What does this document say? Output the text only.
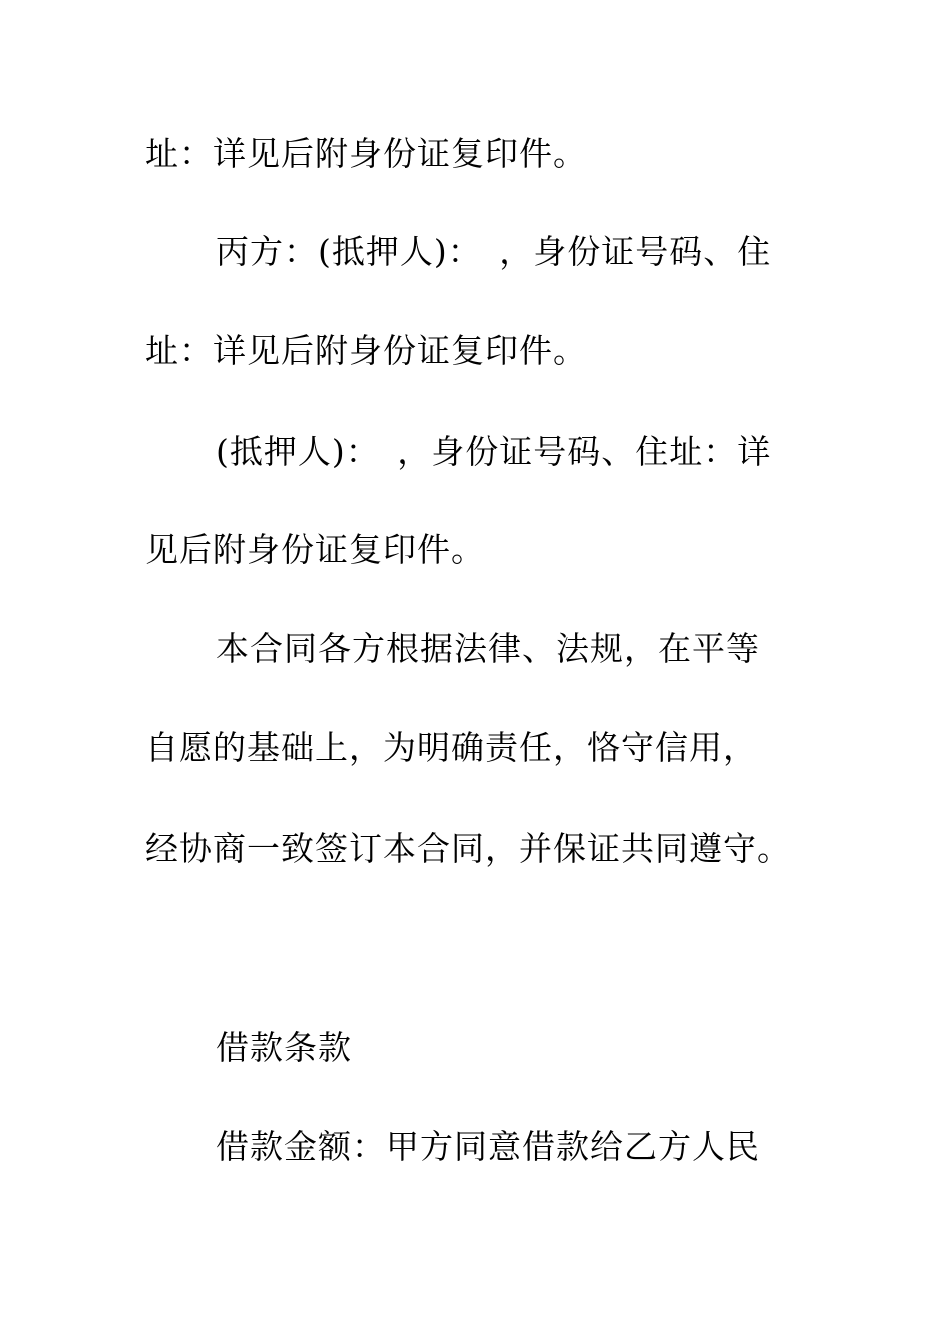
址：详见后附身份证复印件。
丙方：(抵押人)：　，身份证号码、住
址：详见后附身份证复印件。
(抵押人)：　，身份证号码、住址：详
见后附身份证复印件。
本合同各方根据法律、法规，在平等
自愿的基础上，为明确责任，恪守信用，
经协商一致签订本合同，并保证共同遵守。
借款条款
借款金额：甲方同意借款给乙方人民
